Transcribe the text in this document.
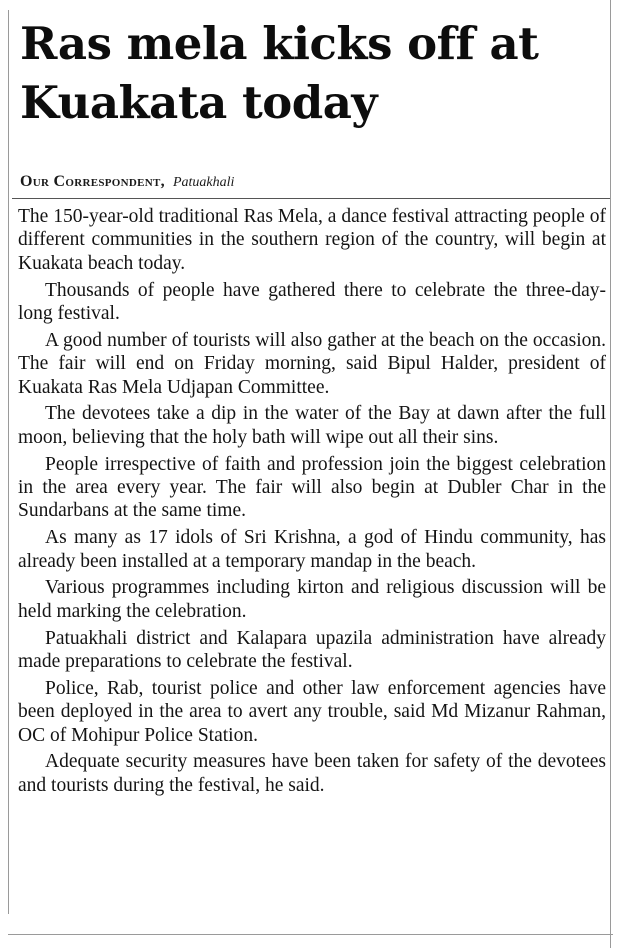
Ras mela kicks off at Kuakata today
Our Correspondent, Patuakhali

The 150-year-old traditional Ras Mela, a dance festival attracting people of different communities in the southern region of the country, will begin at Kuakata beach today.

Thousands of people have gathered there to celebrate the three-day-long festival.

A good number of tourists will also gather at the beach on the occasion. The fair will end on Friday morning, said Bipul Halder, president of Kuakata Ras Mela Udjapan Committee.

The devotees take a dip in the water of the Bay at dawn after the full moon, believing that the holy bath will wipe out all their sins.

People irrespective of faith and profession join the biggest celebration in the area every year. The fair will also begin at Dubler Char in the Sundarbans at the same time.

As many as 17 idols of Sri Krishna, a god of Hindu community, has already been installed at a temporary mandap in the beach.

Various programmes including kirton and religious discussion will be held marking the celebration.

Patuakhali district and Kalapara upazila administration have already made preparations to celebrate the festival.

Police, Rab, tourist police and other law enforcement agencies have been deployed in the area to avert any trouble, said Md Mizanur Rahman, OC of Mohipur Police Station.

Adequate security measures have been taken for safety of the devotees and tourists during the festival, he said.
